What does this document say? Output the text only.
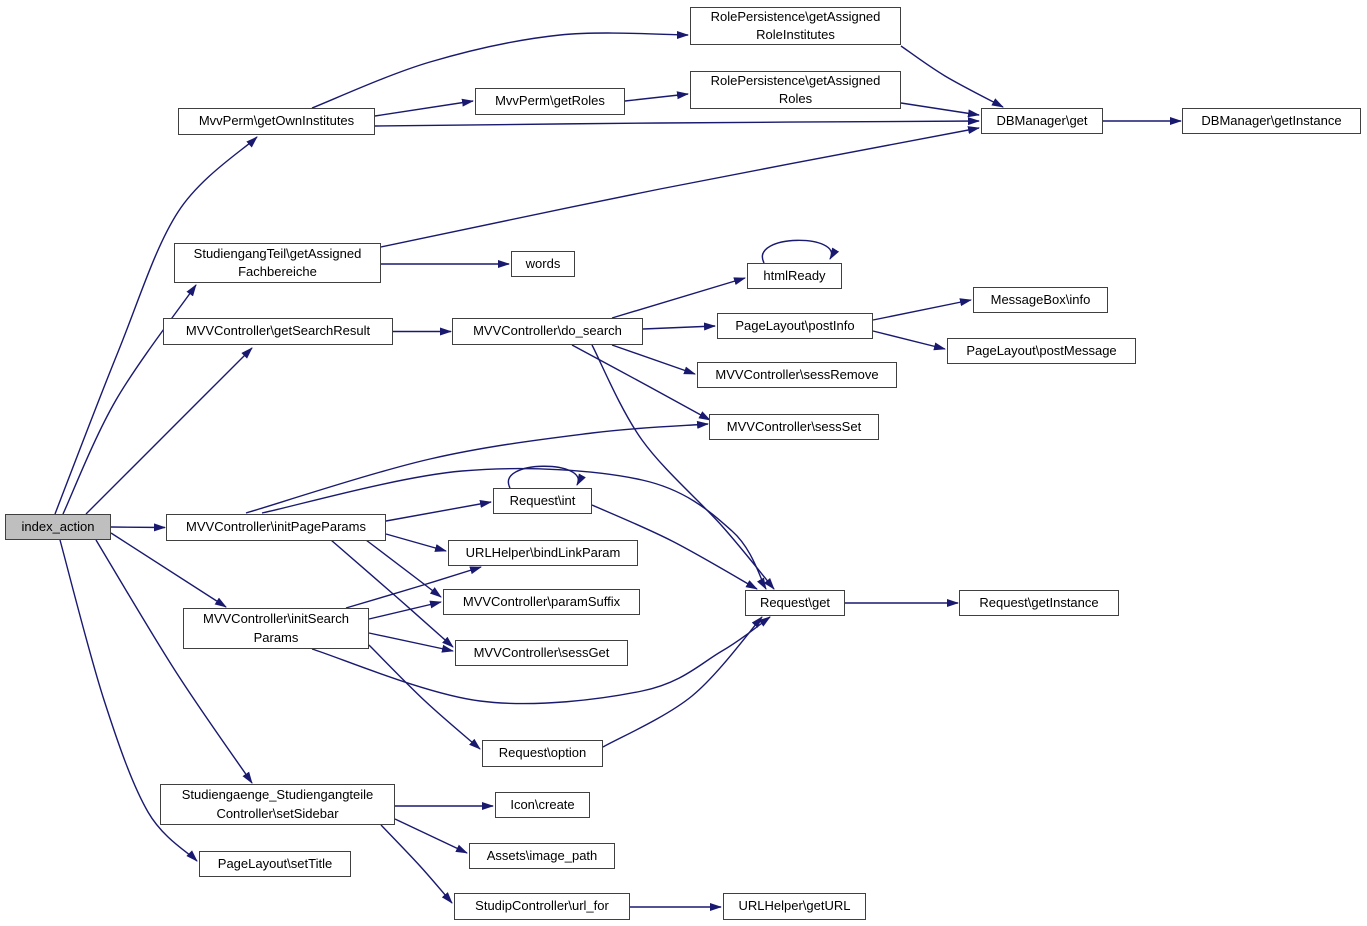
RolePersistence\getAssigned
RoleInstitutes
RolePersistence\getAssigned
Roles
MvvPerm\getRoles
MvvPerm\getOwnInstitutes	DBManager\get	DBManager\getInstance
StudiengangTeil\getAssigned
Fachbereiche
words
MVVController\getSearchResult	MVVController\do_search
htmlReady
PageLayout\postInfo
MessageBox\info
PageLayout\postMessage
MVVController\sessRemove
MVVController\sessSet
index_action	MVVController\initPageParams
Request\int
URLHelper\bindLinkParam
MVVController\paramSuffix
MVVController\sessGet
Request\get	Request\getInstance
MVVController\initSearch
Params
Request\option
Studiengaenge_Studiengangteile
Controller\setSidebar
Icon\create
PageLayout\setTitle
Assets\image_path
StudipController\url_for	URLHelper\getURL
